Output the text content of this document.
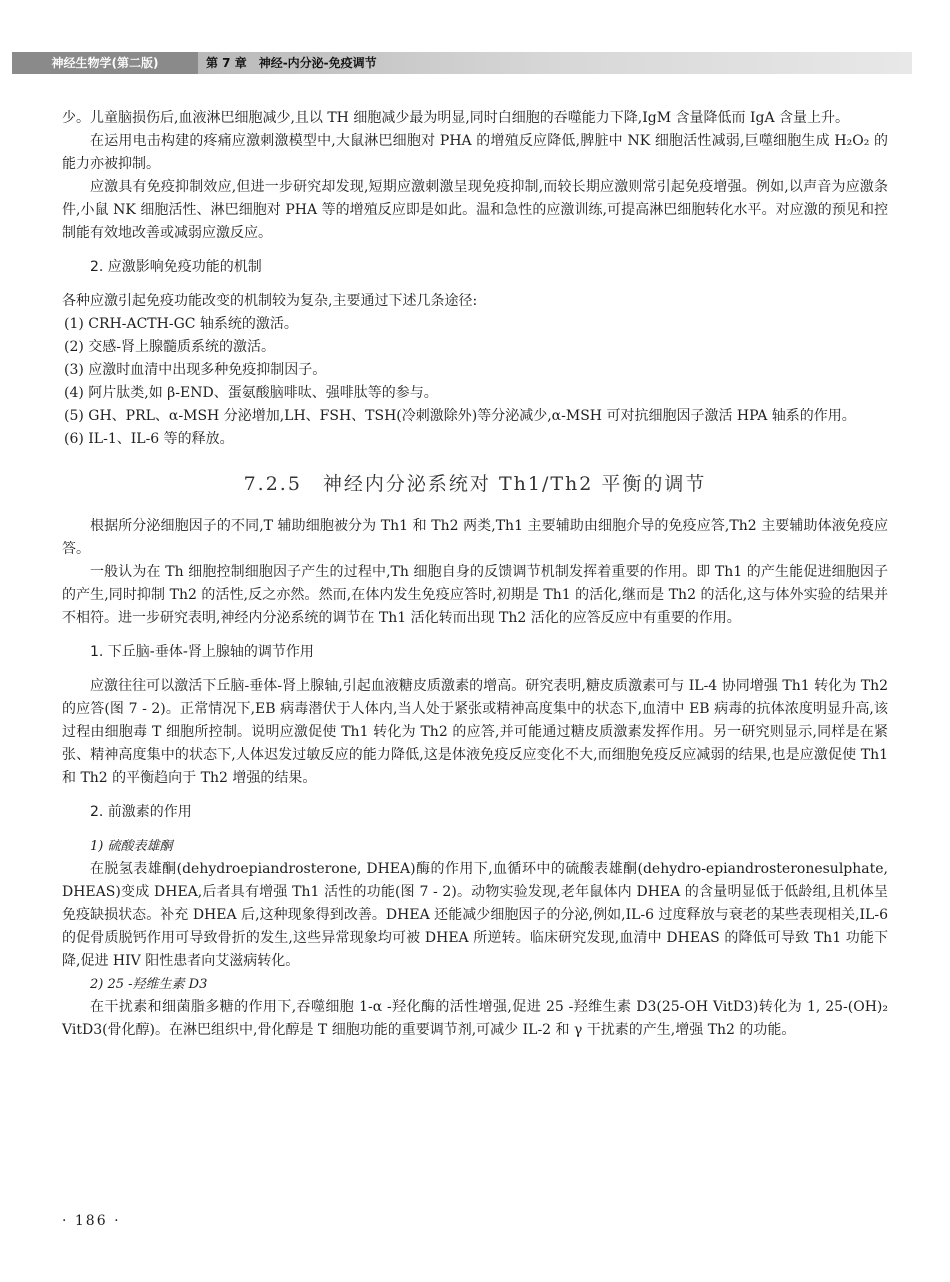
神经生物学(第二版)	第 7 章　神经-内分泌-免疫调节

少。儿童脑损伤后,血液淋巴细胞减少,且以 TH 细胞减少最为明显,同时白细胞的吞噬能力下降,IgM 含量降低而 IgA 含量上升。

在运用电击构建的疼痛应激刺激模型中,大鼠淋巴细胞对 PHA 的增殖反应降低,脾脏中 NK 细胞活性减弱,巨噬细胞生成 H₂O₂ 的能力亦被抑制。

应激具有免疫抑制效应,但进一步研究却发现,短期应激刺激呈现免疫抑制,而较长期应激则常引起免疫增强。例如,以声音为应激条件,小鼠 NK 细胞活性、淋巴细胞对 PHA 等的增殖反应即是如此。温和急性的应激训练,可提高淋巴细胞转化水平。对应激的预见和控制能有效地改善或减弱应激反应。

2. 应激影响免疫功能的机制

各种应激引起免疫功能改变的机制较为复杂,主要通过下述几条途径:

(1) CRH-ACTH-GC 轴系统的激活。

(2) 交感-肾上腺髓质系统的激活。

(3) 应激时血清中出现多种免疫抑制因子。

(4) 阿片肽类,如 β-END、蛋氨酸脑啡呔、强啡肽等的参与。

(5) GH、PRL、α-MSH 分泌增加,LH、FSH、TSH(冷刺激除外)等分泌减少,α-MSH 可对抗细胞因子激活 HPA 轴系的作用。

(6) IL-1、IL-6 等的释放。

7.2.5　神经内分泌系统对 Th1/Th2 平衡的调节

根据所分泌细胞因子的不同,T 辅助细胞被分为 Th1 和 Th2 两类,Th1 主要辅助由细胞介导的免疫应答,Th2 主要辅助体液免疫应答。

一般认为在 Th 细胞控制细胞因子产生的过程中,Th 细胞自身的反馈调节机制发挥着重要的作用。即 Th1 的产生能促进细胞因子的产生,同时抑制 Th2 的活性,反之亦然。然而,在体内发生免疫应答时,初期是 Th1 的活化,继而是 Th2 的活化,这与体外实验的结果并不相符。进一步研究表明,神经内分泌系统的调节在 Th1 活化转而出现 Th2 活化的应答反应中有重要的作用。

1. 下丘脑-垂体-肾上腺轴的调节作用

应激往往可以激活下丘脑-垂体-肾上腺轴,引起血液糖皮质激素的增高。研究表明,糖皮质激素可与 IL-4 协同增强 Th1 转化为 Th2 的应答(图 7 - 2)。正常情况下,EB 病毒潜伏于人体内,当人处于紧张或精神高度集中的状态下,血清中 EB 病毒的抗体浓度明显升高,该过程由细胞毒 T 细胞所控制。说明应激促使 Th1 转化为 Th2 的应答,并可能通过糖皮质激素发挥作用。另一研究则显示,同样是在紧张、精神高度集中的状态下,人体迟发过敏反应的能力降低,这是体液免疫反应变化不大,而细胞免疫反应减弱的结果,也是应激促使 Th1 和 Th2 的平衡趋向于 Th2 增强的结果。

2. 前激素的作用
1) 硫酸表雄酮

在脱氢表雄酮(dehydroepiandrosterone, DHEA)酶的作用下,血循环中的硫酸表雄酮(dehydro-epiandrosteronesulphate, DHEAS)变成 DHEA,后者具有增强 Th1 活性的功能(图 7 - 2)。动物实验发现,老年鼠体内 DHEA 的含量明显低于低龄组,且机体呈免疫缺损状态。补充 DHEA 后,这种现象得到改善。DHEA 还能减少细胞因子的分泌,例如,IL-6 过度释放与衰老的某些表现相关,IL-6 的促骨质脱钙作用可导致骨折的发生,这些异常现象均可被 DHEA 所逆转。临床研究发现,血清中 DHEAS 的降低可导致 Th1 功能下降,促进 HIV 阳性患者向艾滋病转化。

2) 25 -羟维生素 D3

在干扰素和细菌脂多糖的作用下,吞噬细胞 1-α -羟化酶的活性增强,促进 25 -羟维生素 D3(25-OH VitD3)转化为 1, 25-(OH)₂ VitD3(骨化醇)。在淋巴组织中,骨化醇是 T 细胞功能的重要调节剂,可减少 IL-2 和 γ 干扰素的产生,增强 Th2 的功能。

· 186 ·
